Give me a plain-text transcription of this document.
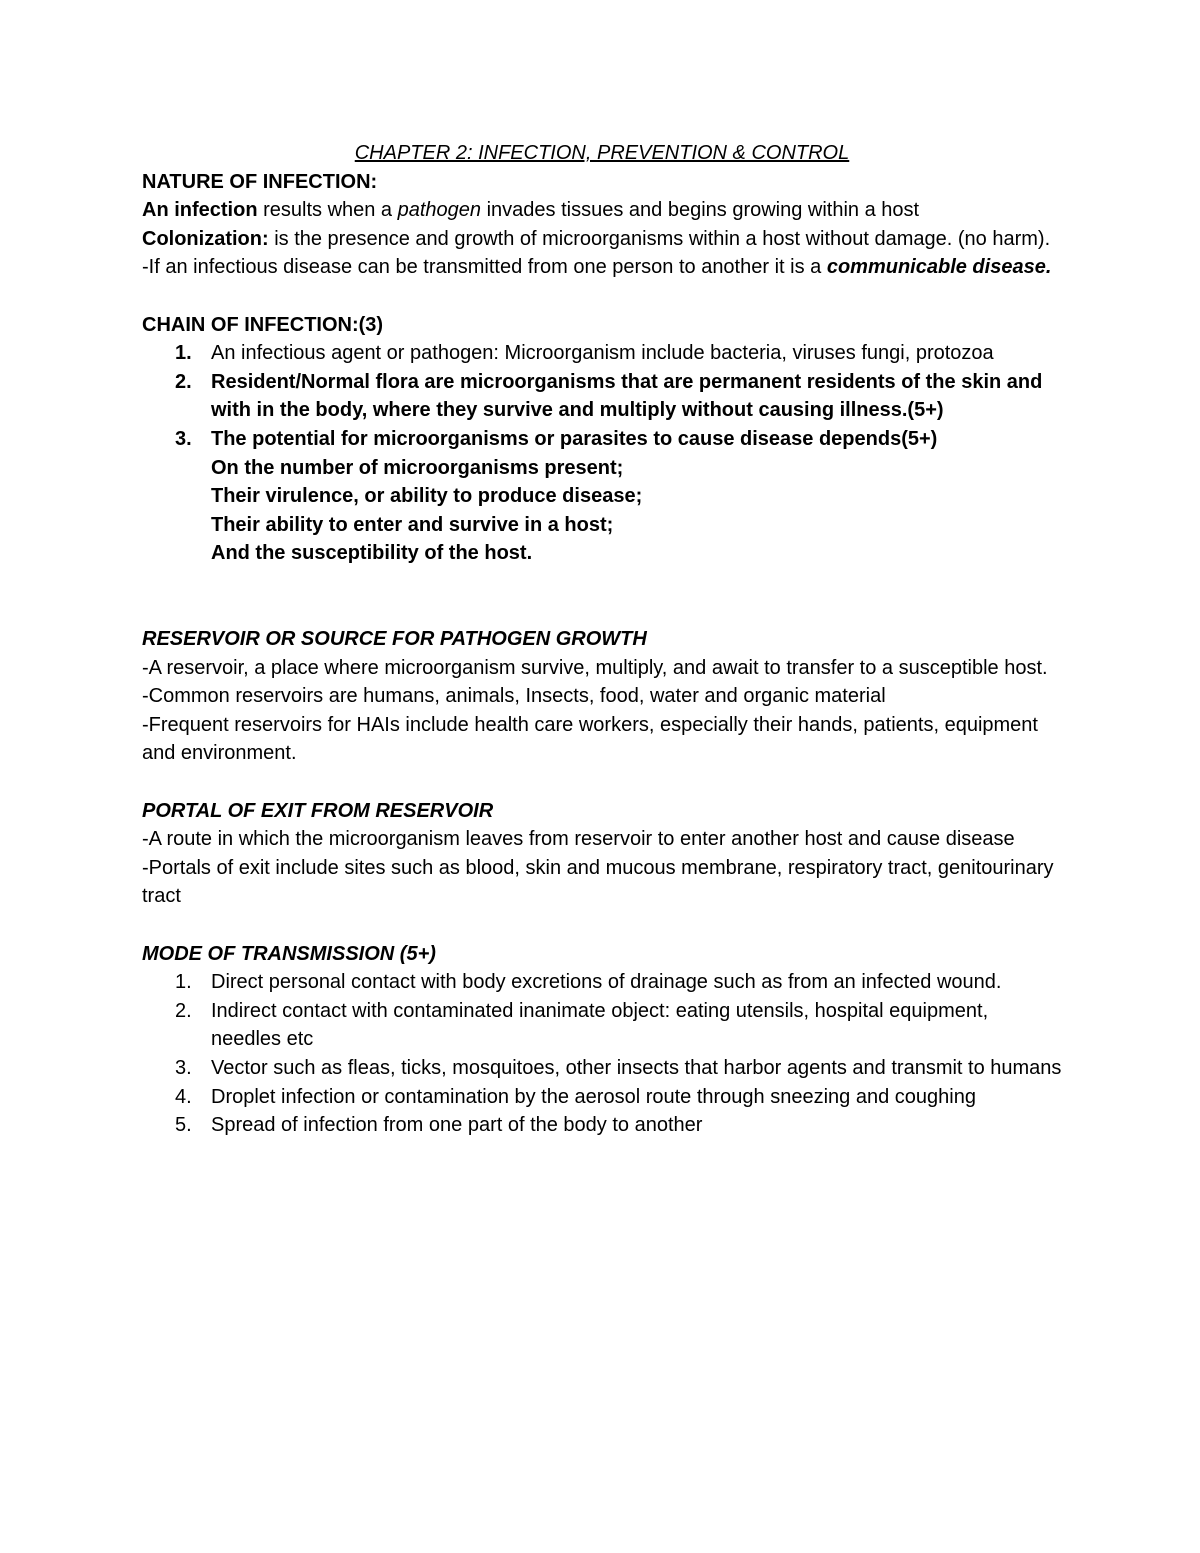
CHAPTER 2: INFECTION, PREVENTION & CONTROL

NATURE OF INFECTION:

An infection results when a pathogen invades tissues and begins growing within a host

Colonization: is the presence and growth of microorganisms within a host without damage. (no harm).

-If an infectious disease can be transmitted from one person to another it is a communicable disease.

CHAIN OF INFECTION:(3)

1. An infectious agent or pathogen: Microorganism include bacteria, viruses fungi, protozoa
2. Resident/Normal flora are microorganisms that are permanent residents of the skin and with in the body, where they survive and multiply without causing illness.(5+)
3. The potential for microorganisms or parasites to cause disease depends(5+)
On the number of microorganisms present;
Their virulence, or ability to produce disease;
Their ability to enter and survive in a host;
And the susceptibility of the host.

RESERVOIR OR SOURCE FOR PATHOGEN GROWTH

-A reservoir, a place where microorganism survive, multiply, and await to transfer to a susceptible host.

-Common reservoirs are humans, animals, Insects, food, water and organic material

-Frequent reservoirs for HAIs include health care workers, especially their hands, patients, equipment and environment.

PORTAL OF EXIT FROM RESERVOIR

-A route in which the microorganism leaves from reservoir to enter another host and cause disease

-Portals of exit include sites such as blood, skin and mucous membrane, respiratory tract, genitourinary tract

MODE OF TRANSMISSION (5+)

1. Direct personal contact with body excretions of drainage such as from an infected wound.
2. Indirect contact with contaminated inanimate object: eating utensils, hospital equipment, needles etc
3. Vector such as fleas, ticks, mosquitoes, other insects that harbor agents and transmit to humans
4. Droplet infection or contamination by the aerosol route through sneezing and coughing
5. Spread of infection from one part of the body to another
